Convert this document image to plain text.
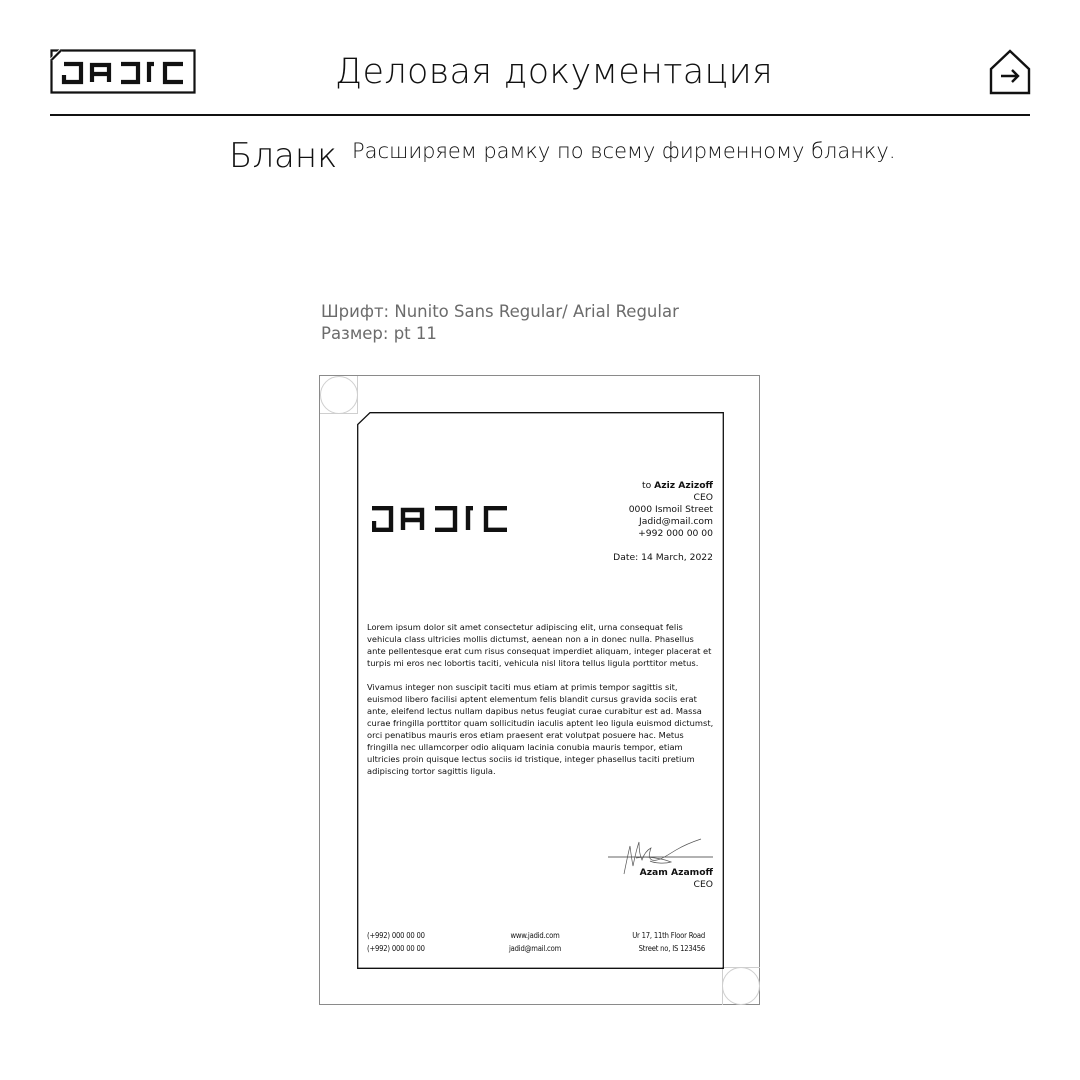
Деловая документация
Бланк Расширяем рамку по всему фирменному бланку.
Шрифт: Nunito Sans Regular/ Arial Regular
Размер: pt 11
to Aziz Azizoff
CEO
0000 Ismoil Street
Jadid@mail.com
+992 000 00 00
Date: 14 March, 2022

Lorem ipsum dolor sit amet consectetur adipiscing elit, urna consequat felis vehicula class ultricies mollis dictumst, aenean non a in donec nulla. Phasellus ante pellentesque erat cum risus consequat imperdiet aliquam, integer placerat et turpis mi eros nec lobortis taciti, vehicula nisl litora tellus ligula porttitor metus.

Vivamus integer non suscipit taciti mus etiam at primis tempor sagittis sit, euismod libero facilisi aptent elementum felis blandit cursus gravida sociis erat ante, eleifend lectus nullam dapibus netus feugiat curae curabitur est ad. Massa curae fringilla porttitor quam sollicitudin iaculis aptent leo ligula euismod dictumst, orci penatibus mauris eros etiam praesent erat volutpat posuere hac. Metus fringilla nec ullamcorper odio aliquam lacinia conubia mauris tempor, etiam ultricies proin quisque lectus sociis id tristique, integer phasellus taciti pretium adipiscing tortor sagittis ligula.

Azam Azamoff
CEO
(+992) 000 00 00
(+992) 000 00 00
www.jadid.com
jadid@mail.com
Ur 17, 11th Floor Road
Street no, IS 123456
